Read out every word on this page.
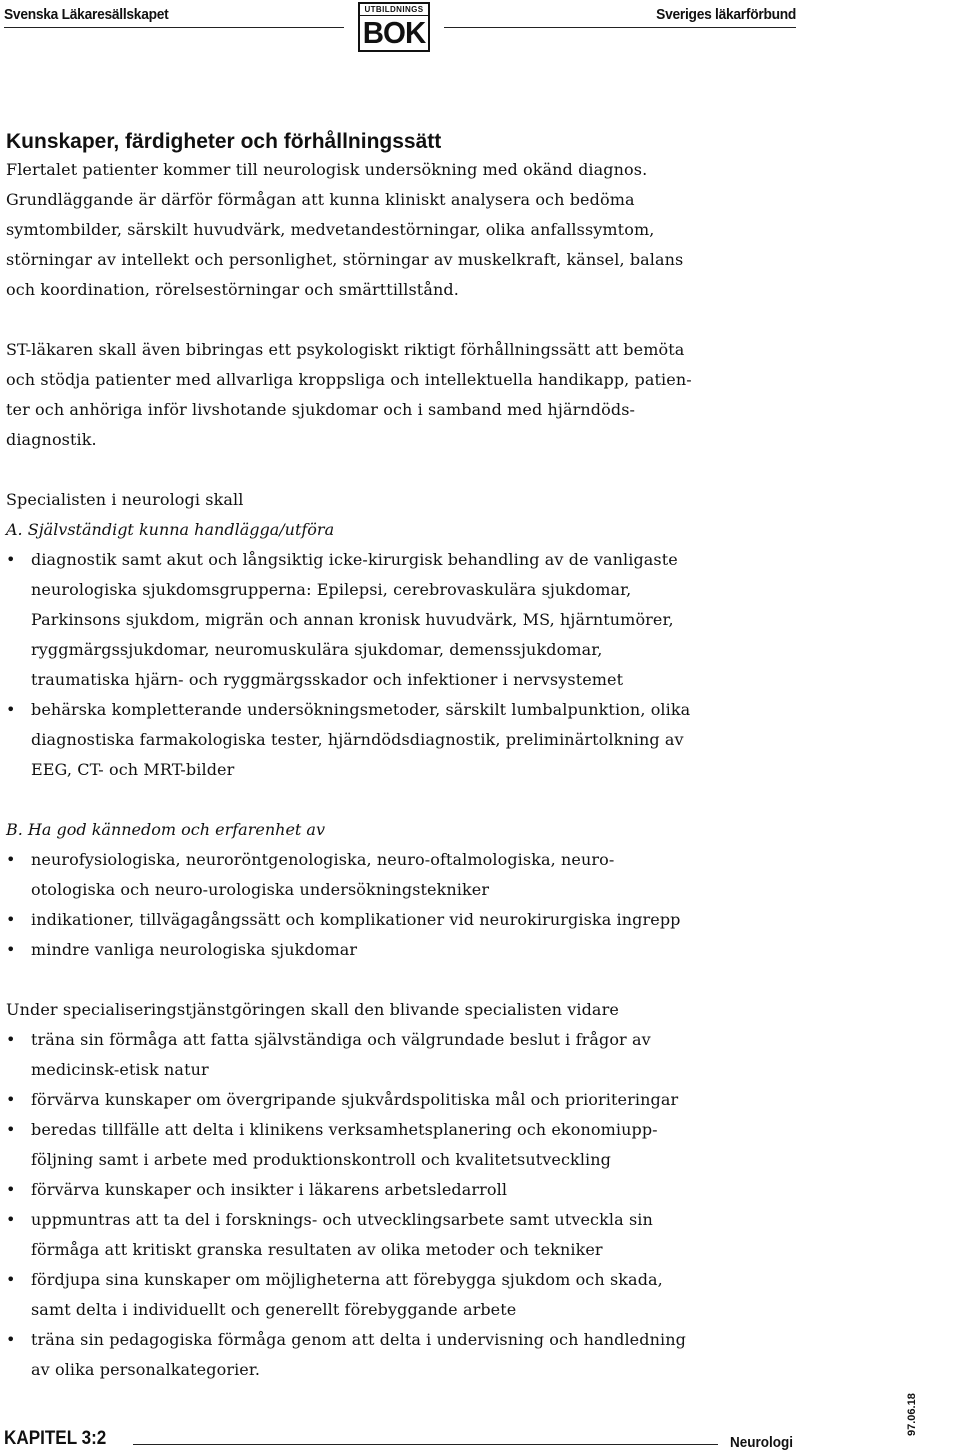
Svenska Läkaresällskapet	UTBILDNINGS
BOK
Sveriges läkarförbund
Kunskaper, färdigheter och förhållningssätt

Flertalet patienter kommer till neurologisk undersökning med okänd diagnos.

Grundläggande är därför förmågan att kunna kliniskt analysera och bedöma

symtombilder, särskilt huvudvärk, medvetandestörningar, olika anfallssymtom,

störningar av intellekt och personlighet, störningar av muskelkraft, känsel, balans

och koordination, rörelsestörningar och smärttillstånd.

ST-läkaren skall även bibringas ett psykologiskt riktigt förhållningssätt att bemöta

och stödja patienter med allvarliga kroppsliga och intellektuella handikapp, patien-

ter och anhöriga inför livshotande sjukdomar och i samband med hjärndöds-

diagnostik.

Specialisten i neurologi skall

A. Självständigt kunna handlägga/utföra

• diagnostik samt akut och långsiktig icke-kirurgisk behandling av de vanligaste
neurologiska sjukdomsgrupperna: Epilepsi, cerebrovaskulära sjukdomar,
Parkinsons sjukdom, migrän och annan kronisk huvudvärk, MS, hjärntumörer,
ryggmärgssjukdomar, neuromuskulära sjukdomar, demenssjukdomar,
traumatiska hjärn- och ryggmärgsskador och infektioner i nervsystemet
• behärska kompletterande undersökningsmetoder, särskilt lumbalpunktion, olika
diagnostiska farmakologiska tester, hjärndödsdiagnostik, preliminärtolkning av
EEG, CT- och MRT-bilder

B. Ha god kännedom och erfarenhet av

• neurofysiologiska, neuroröntgenologiska, neuro-oftalmologiska, neuro-
otologiska och neuro-urologiska undersökningstekniker
• indikationer, tillvägagångssätt och komplikationer vid neurokirurgiska ingrepp
• mindre vanliga neurologiska sjukdomar

Under specialiseringstjänstgöringen skall den blivande specialisten vidare

• träna sin förmåga att fatta självständiga och välgrundade beslut i frågor av
medicinsk-etisk natur
• förvärva kunskaper om övergripande sjukvårdspolitiska mål och prioriteringar
• beredas tillfälle att delta i klinikens verksamhetsplanering och ekonomiupp-
följning samt i arbete med produktionskontroll och kvalitetsutveckling
• förvärva kunskaper och insikter i läkarens arbetsledarroll
• uppmuntras att ta del i forsknings- och utvecklingsarbete samt utveckla sin
förmåga att kritiskt granska resultaten av olika metoder och tekniker
• fördjupa sina kunskaper om möjligheterna att förebygga sjukdom och skada,
samt delta i individuellt och generellt förebyggande arbete
• träna sin pedagogiska förmåga genom att delta i undervisning och handledning
av olika personalkategorier.
KAPITEL 3:2	Neurologi
97.06.18
